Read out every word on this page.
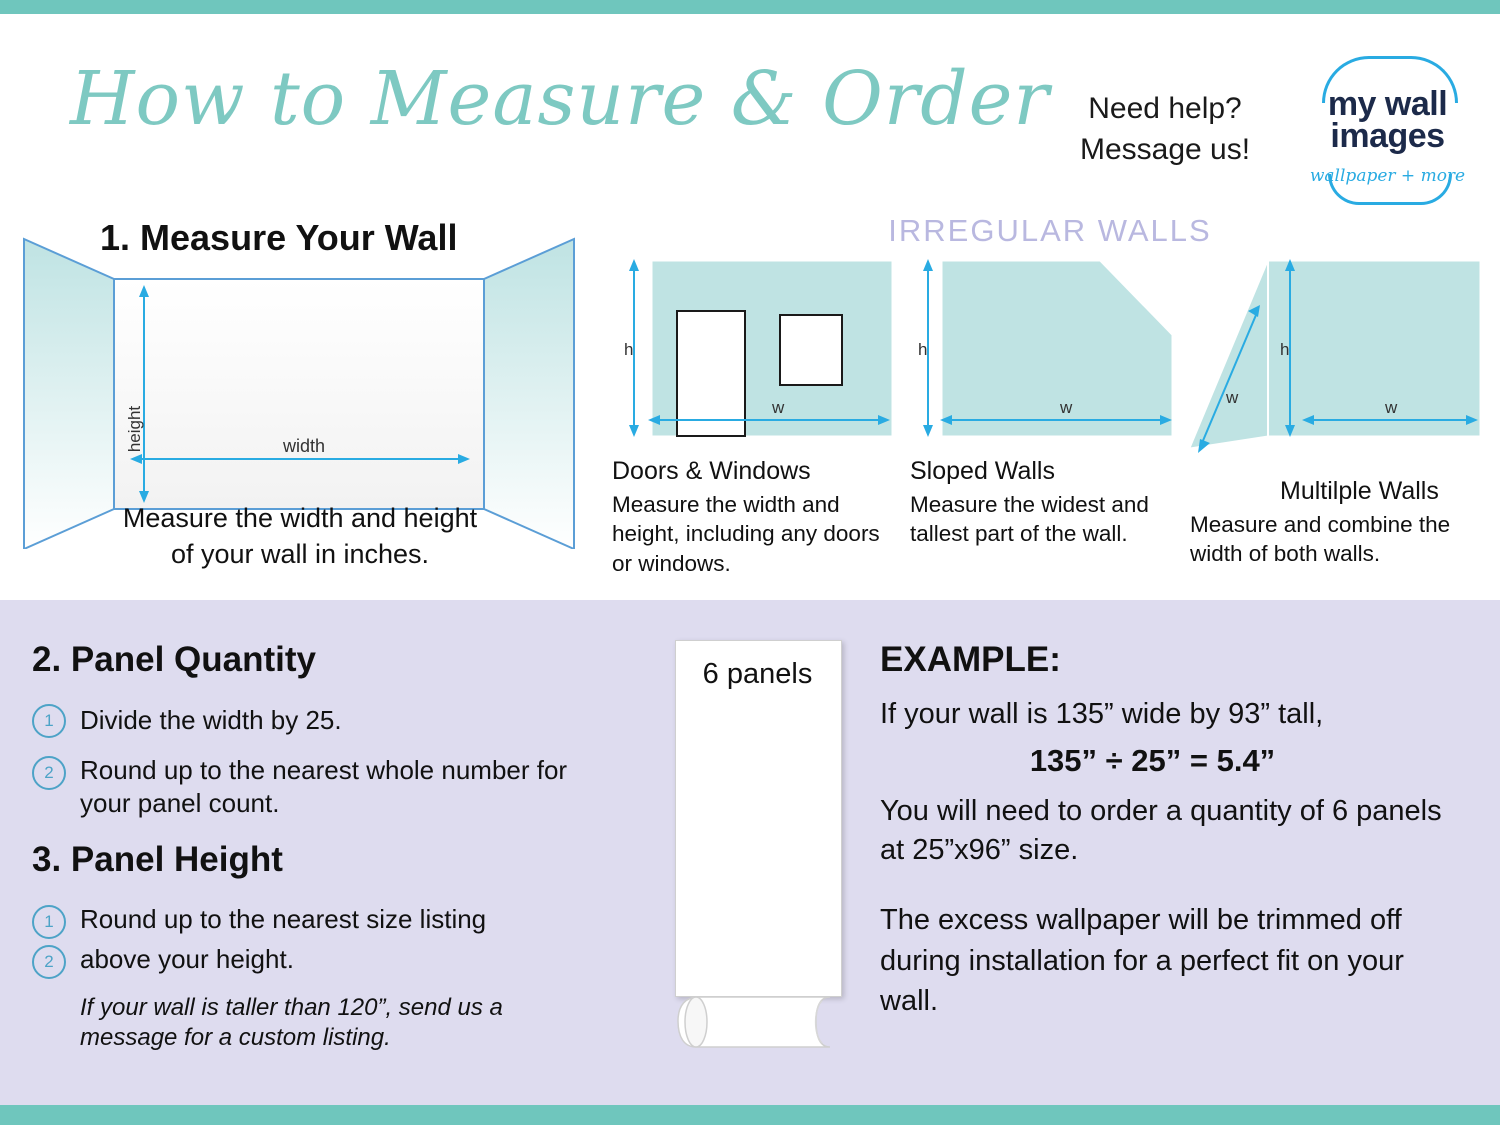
How to Measure & Order	Need help?
Message us!
my wall
images
wallpaper + more
1. Measure Your Wall
height	width
Measure the width and height
of your wall in inches.
IRREGULAR WALLS
h
w
Doors & Windows
Measure the width and height, including any doors or windows.
h
w
Sloped Walls
Measure the widest and tallest part of the wall.
h
w
w
Multilple Walls
Measure and combine the width of both walls.
2. Panel Quantity
1	Divide the width by 25.
2	Round up to the nearest whole number for your panel count.
3. Panel Height
1	Round up to the nearest size listing
2	above your height.
If your wall is taller than 120”, send us a message for a custom listing.
6 panels	EXAMPLE:
If your wall is 135” wide by 93” tall,
135” ÷ 25” = 5.4”
You will need to order a quantity of 6 panels at 25”x96” size.
The excess wallpaper will be trimmed off during installation for a perfect fit on your wall.
